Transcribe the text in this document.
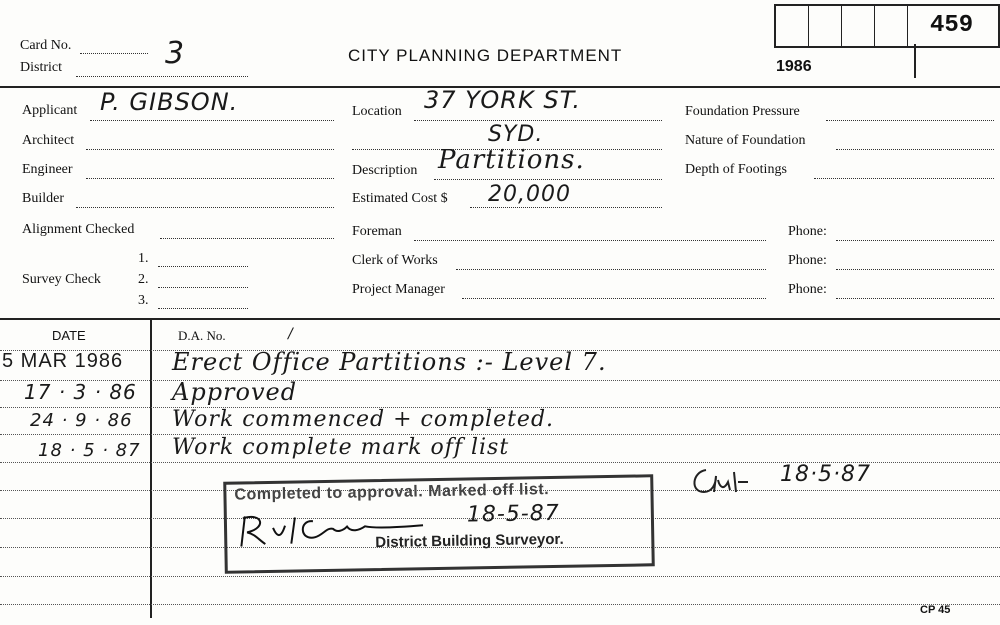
459
Card No.	3
District
CITY PLANNING DEPARTMENT
1986
Applicant P. GIBSON.
Architect
Engineer
Builder
Alignment Checked
Survey Check
1.
2.
3.
Location 37 YORK ST.
SYD.
Description Partitions.
Estimated Cost $ 20,000
Foreman
Clerk of Works
Project Manager
Foundation Pressure
Nature of Foundation
Depth of Footings
Phone:
Phone:
Phone:
DATE	D.A. No.	/
5 MAR 1986 Erect Office Partitions :- Level 7.
17 · 3 · 86 Approved
24 · 9 · 86 Work commenced + completed.
18 · 5 · 87 Work complete mark off list
18·5·87
Completed to approval. Marked off list.
18-5-87
District Building Surveyor.
CP 45
